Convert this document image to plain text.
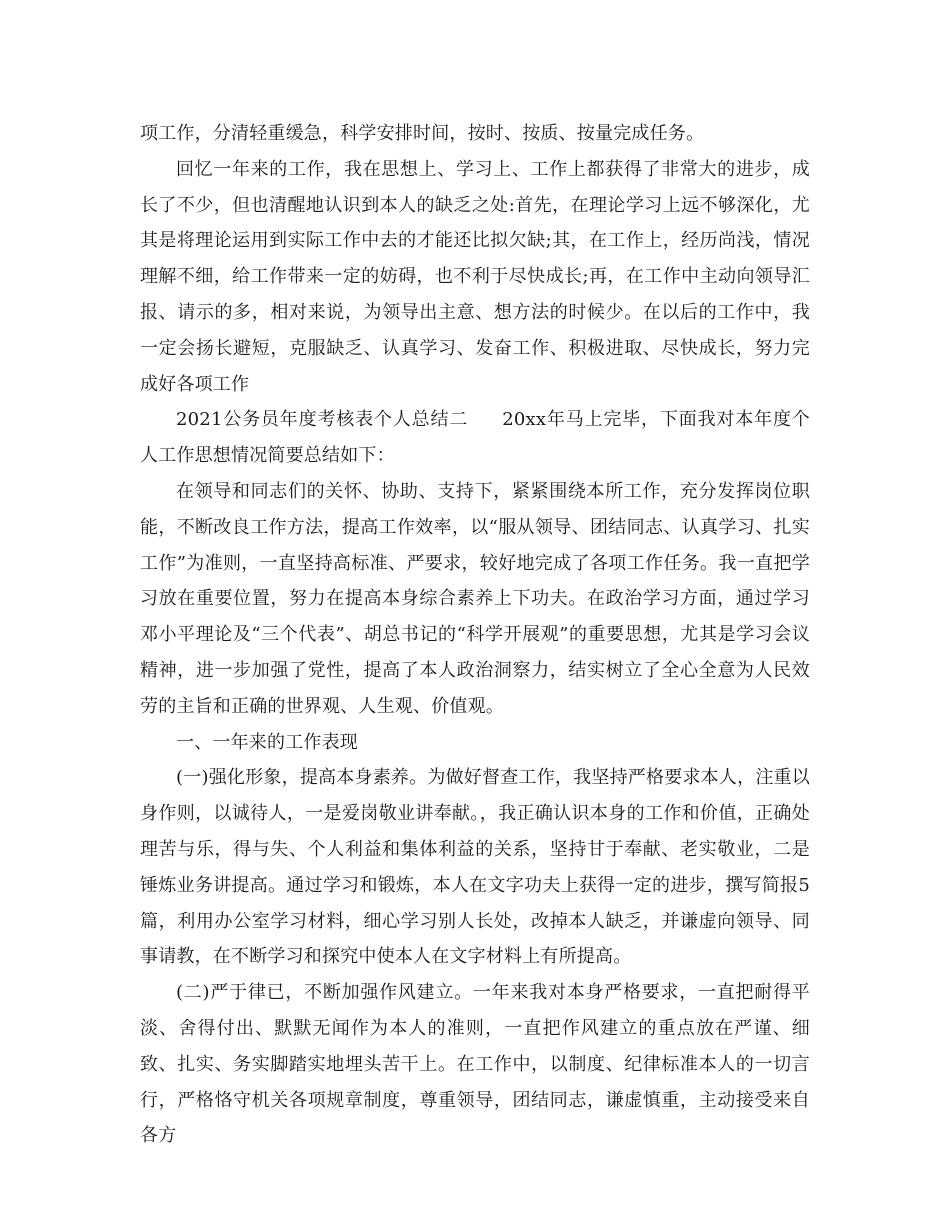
项工作，分清轻重缓急，科学安排时间，按时、按质、按量完成任务。

回忆一年来的工作，我在思想上、学习上、工作上都获得了非常大的进步，成长了不少，但也清醒地认识到本人的缺乏之处:首先，在理论学习上远不够深化，尤其是将理论运用到实际工作中去的才能还比拟欠缺;其，在工作上，经历尚浅，情况理解不细，给工作带来一定的妨碍，也不利于尽快成长;再，在工作中主动向领导汇报、请示的多，相对来说，为领导出主意、想方法的时候少。在以后的工作中，我一定会扬长避短，克服缺乏、认真学习、发奋工作、积极进取、尽快成长，努力完成好各项工作

2021公务员年度考核表个人总结二 20xx年马上完毕，下面我对本年度个人工作思想情况简要总结如下：

在领导和同志们的关怀、协助、支持下，紧紧围绕本所工作，充分发挥岗位职能，不断改良工作方法，提高工作效率，以“服从领导、团结同志、认真学习、扎实工作”为准则，一直坚持高标准、严要求，较好地完成了各项工作任务。我一直把学习放在重要位置，努力在提高本身综合素养上下功夫。在政治学习方面，通过学习邓小平理论及“三个代表”、胡总书记的“科学开展观”的重要思想，尤其是学习会议精神，进一步加强了党性，提高了本人政治洞察力，结实树立了全心全意为人民效劳的主旨和正确的世界观、人生观、价值观。

一、一年来的工作表现

(一)强化形象，提高本身素养。为做好督查工作，我坚持严格要求本人，注重以身作则，以诚待人，一是爱岗敬业讲奉献。，我正确认识本身的工作和价值，正确处理苦与乐，得与失、个人利益和集体利益的关系，坚持甘于奉献、老实敬业，二是锤炼业务讲提高。通过学习和锻炼，本人在文字功夫上获得一定的进步，撰写简报5篇，利用办公室学习材料，细心学习别人长处，改掉本人缺乏，并谦虚向领导、同事请教，在不断学习和探究中使本人在文字材料上有所提高。

(二)严于律已，不断加强作风建立。一年来我对本身严格要求，一直把耐得平淡、舍得付出、默默无闻作为本人的准则，一直把作风建立的重点放在严谨、细致、扎实、务实脚踏实地埋头苦干上。在工作中，以制度、纪律标准本人的一切言行，严格恪守机关各项规章制度，尊重领导，团结同志，谦虚慎重，主动接受来自各方
